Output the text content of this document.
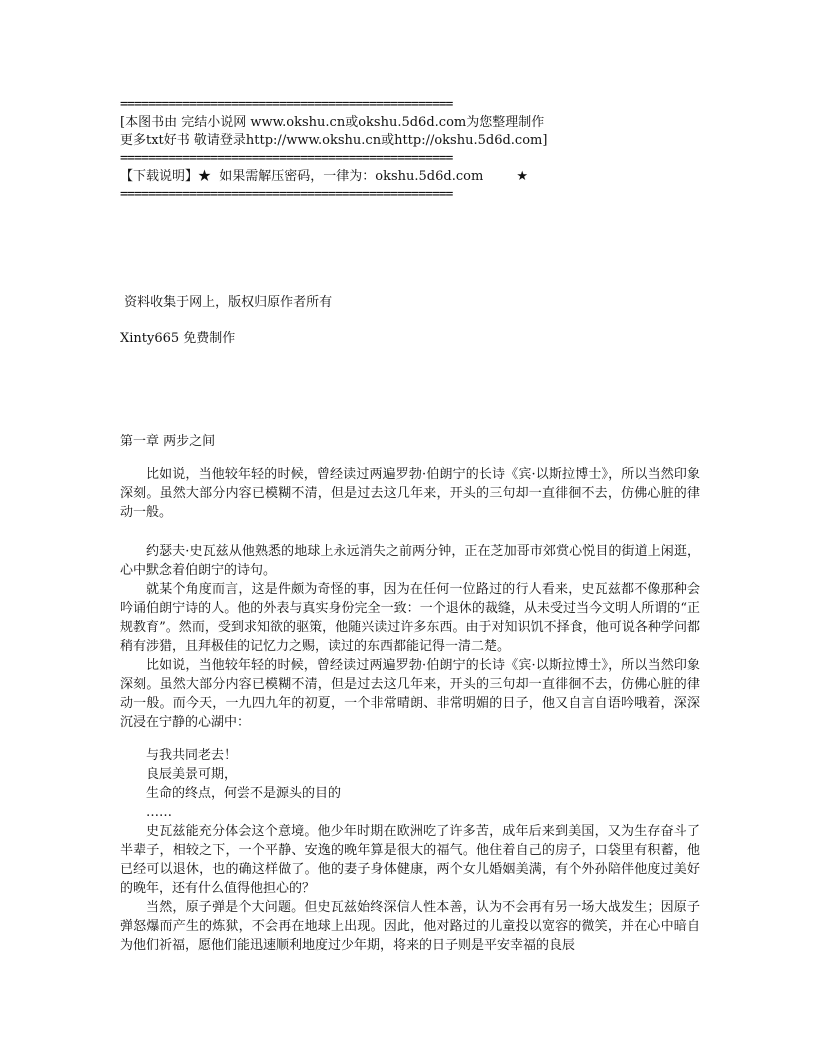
================================================
[本图书由 完结小说网 www.okshu.cn或okshu.5d6d.com为您整理制作
更多txt好书 敬请登录http://www.okshu.cn或http://okshu.5d6d.com]
================================================
【下载说明】★  如果需解压密码，一律为：okshu.5d6d.com        ★
================================================
资料收集于网上，版权归原作者所有
Xinty665 免费制作
第一章 两步之间

比如说，当他较年轻的时候，曾经读过两遍罗勃·伯朗宁的长诗《宾·以斯拉博士》，所以当然印象深刻。虽然大部分内容已模糊不清，但是过去这几年来，开头的三句却一直徘徊不去，仿佛心脏的律动一般。

约瑟夫·史瓦兹从他熟悉的地球上永远消失之前两分钟，正在芝加哥市郊赏心悦目的街道上闲逛，心中默念着伯朗宁的诗句。

就某个角度而言，这是件颇为奇怪的事，因为在任何一位路过的行人看来，史瓦兹都不像那种会吟诵伯朗宁诗的人。他的外表与真实身份完全一致：一个退休的裁缝，从未受过当今文明人所谓的“正规教育”。然而，受到求知欲的驱策，他随兴读过许多东西。由于对知识饥不择食，他可说各种学问都稍有涉猎，且拜极佳的记忆力之赐，读过的东西都能记得一清二楚。

比如说，当他较年轻的时候，曾经读过两遍罗勃·伯朗宁的长诗《宾·以斯拉博士》，所以当然印象深刻。虽然大部分内容已模糊不清，但是过去这几年来，开头的三句却一直徘徊不去，仿佛心脏的律动一般。而今天，一九四九年的初夏，一个非常晴朗、非常明媚的日子，他又自言自语吟哦着，深深沉浸在宁静的心湖中：

与我共同老去！
良辰美景可期，
生命的终点，何尝不是源头的目的
……

史瓦兹能充分体会这个意境。他少年时期在欧洲吃了许多苦，成年后来到美国，又为生存奋斗了半辈子，相较之下，一个平静、安逸的晚年算是很大的福气。他住着自己的房子，口袋里有积蓄，他已经可以退休，也的确这样做了。他的妻子身体健康，两个女儿婚姻美满，有个外孙陪伴他度过美好的晚年，还有什么值得他担心的？

当然，原子弹是个大问题。但史瓦兹始终深信人性本善，认为不会再有另一场大战发生；因原子弹怒爆而产生的炼狱，不会再在地球上出现。因此，他对路过的儿童投以宽容的微笑，并在心中暗自为他们祈福，愿他们能迅速顺利地度过少年期，将来的日子则是平安幸福的良辰
